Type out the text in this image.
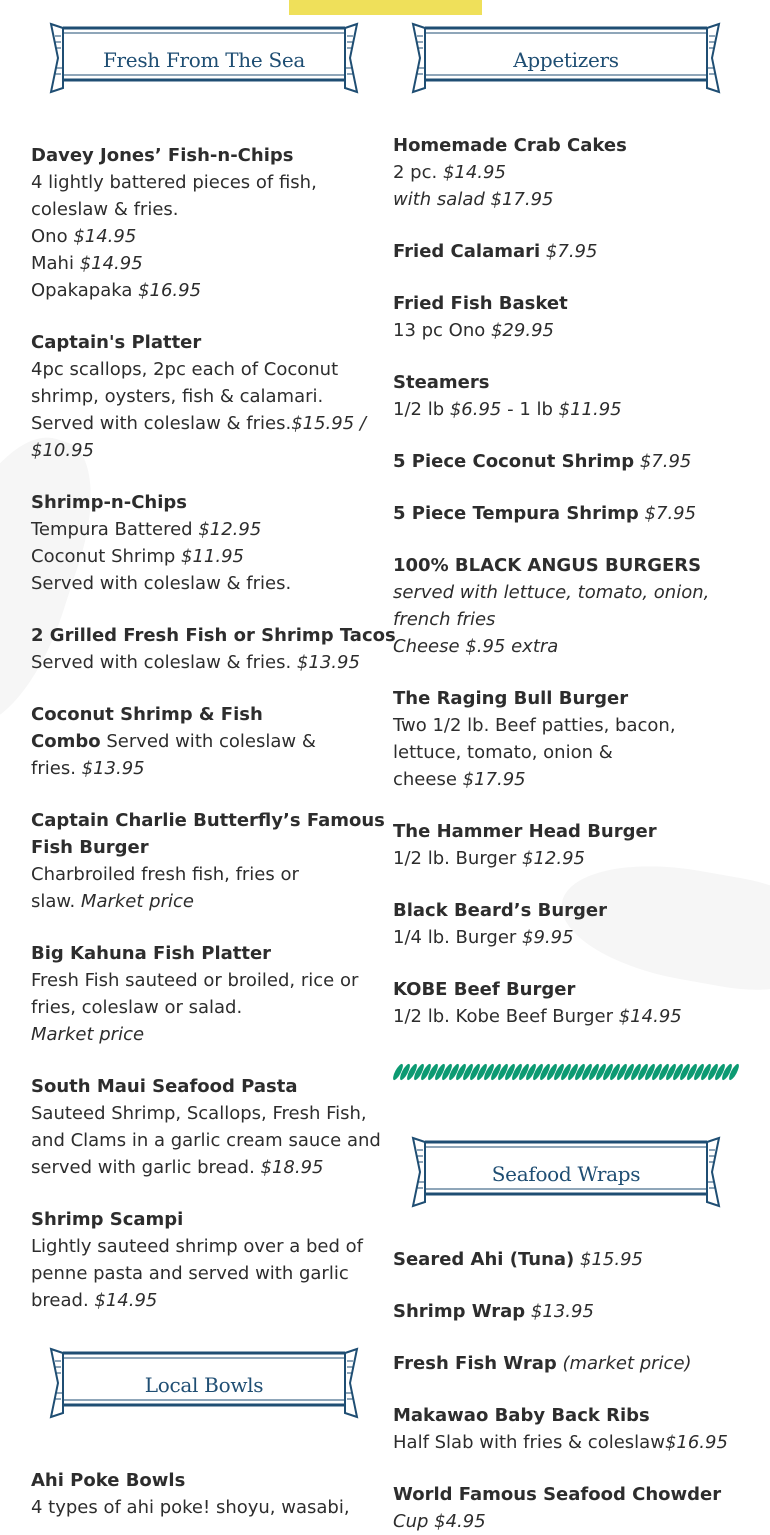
Fresh From The Sea	Appetizers
Seafood Wraps
Local Bowls
Davey Jones’ Fish-n-Chips
4 lightly battered pieces of fish,
coleslaw & fries.
Ono $14.95
Mahi $14.95
Opakapaka $16.95
Captain's Platter
4pc scallops, 2pc each of Coconut
shrimp, oysters, fish & calamari.
Served with coleslaw & fries.$15.95 /
$10.95
Shrimp-n-Chips
Tempura Battered $12.95
Coconut Shrimp $11.95
Served with coleslaw & fries.
2 Grilled Fresh Fish or Shrimp Tacos
Served with coleslaw & fries. $13.95
Coconut Shrimp & Fish
Combo Served with coleslaw &
fries. $13.95
Captain Charlie Butterfly’s Famous
Fish Burger
Charbroiled fresh fish, fries or
slaw. Market price
Big Kahuna Fish Platter
Fresh Fish sauteed or broiled, rice or
fries, coleslaw or salad.
Market price
South Maui Seafood Pasta
Sauteed Shrimp, Scallops, Fresh Fish,
and Clams in a garlic cream sauce and
served with garlic bread. $18.95
Shrimp Scampi
Lightly sauteed shrimp over a bed of
penne pasta and served with garlic
bread. $14.95
Ahi Poke Bowls
4 types of ahi poke! shoyu, wasabi,
Homemade Crab Cakes
2 pc. $14.95
with salad $17.95
Fried Calamari $7.95
Fried Fish Basket
13 pc Ono $29.95
Steamers
1/2 lb $6.95 - 1 lb $11.95
5 Piece Coconut Shrimp $7.95
5 Piece Tempura Shrimp $7.95
100% BLACK ANGUS BURGERS
served with lettuce, tomato, onion,
french fries
Cheese $.95 extra
The Raging Bull Burger
Two 1/2 lb. Beef patties, bacon,
lettuce, tomato, onion &
cheese $17.95
The Hammer Head Burger
1/2 lb. Burger $12.95
Black Beard’s Burger
1/4 lb. Burger $9.95
KOBE Beef Burger
1/2 lb. Kobe Beef Burger $14.95
Seared Ahi (Tuna) $15.95
Shrimp Wrap $13.95
Fresh Fish Wrap (market price)
Makawao Baby Back Ribs
Half Slab with fries & coleslaw$16.95
World Famous Seafood Chowder
Cup $4.95
